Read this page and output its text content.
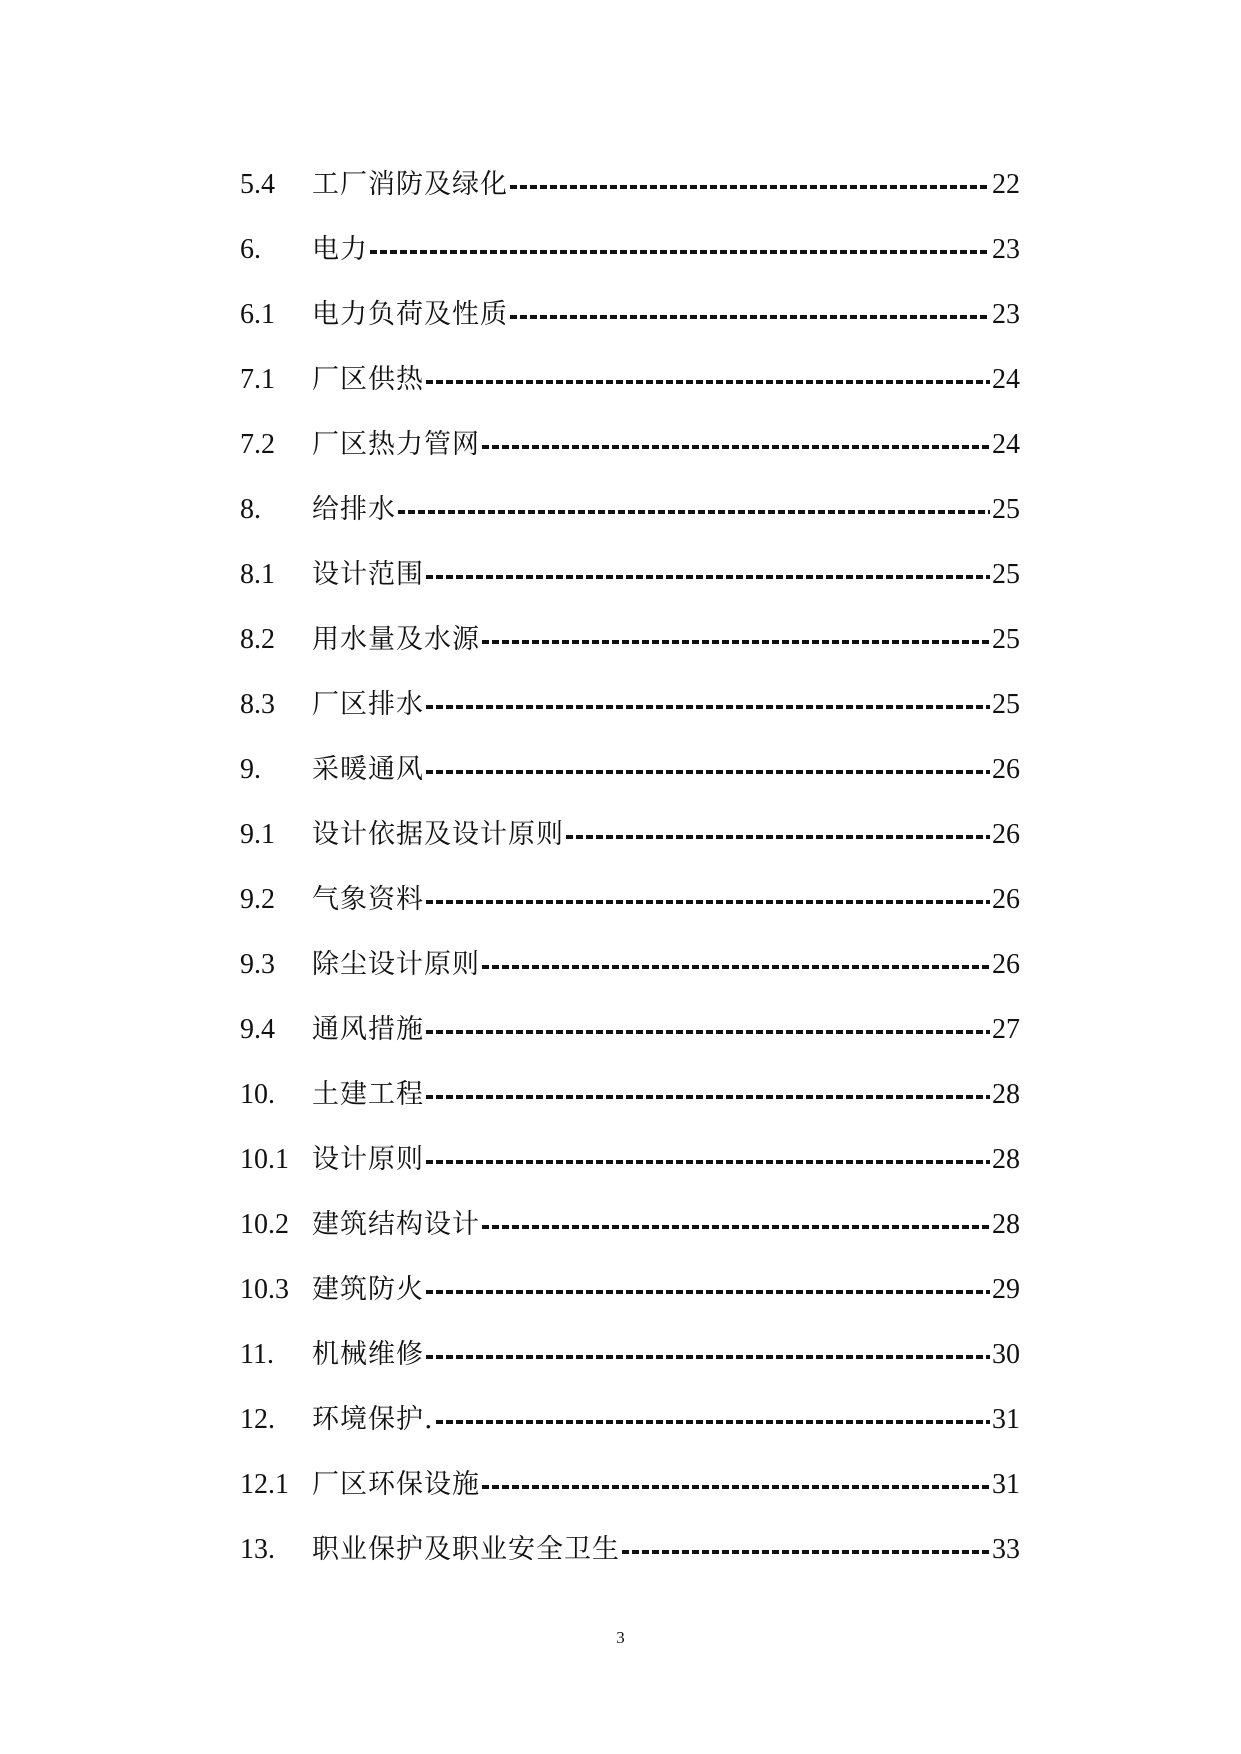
5.4	工厂消防及绿化	22
6.	电力	23
6.1	电力负荷及性质	23
7.1	厂区供热	24
7.2	厂区热力管网	24
8.	给排水	25
8.1	设计范围	25
8.2	用水量及水源	25
8.3	厂区排水	25
9.	采暖通风	26
9.1	设计依据及设计原则	26
9.2	气象资料	26
9.3	除尘设计原则	26
9.4	通风措施	27
10.	土建工程	28
10.1 设计原则	28
10.2 建筑结构设计	28
10.3 建筑防火	29
11.	机械维修	30
12.	环境保护.	31
12.1 厂区环保设施	31
13.	职业保护及职业安全卫生	33
3
